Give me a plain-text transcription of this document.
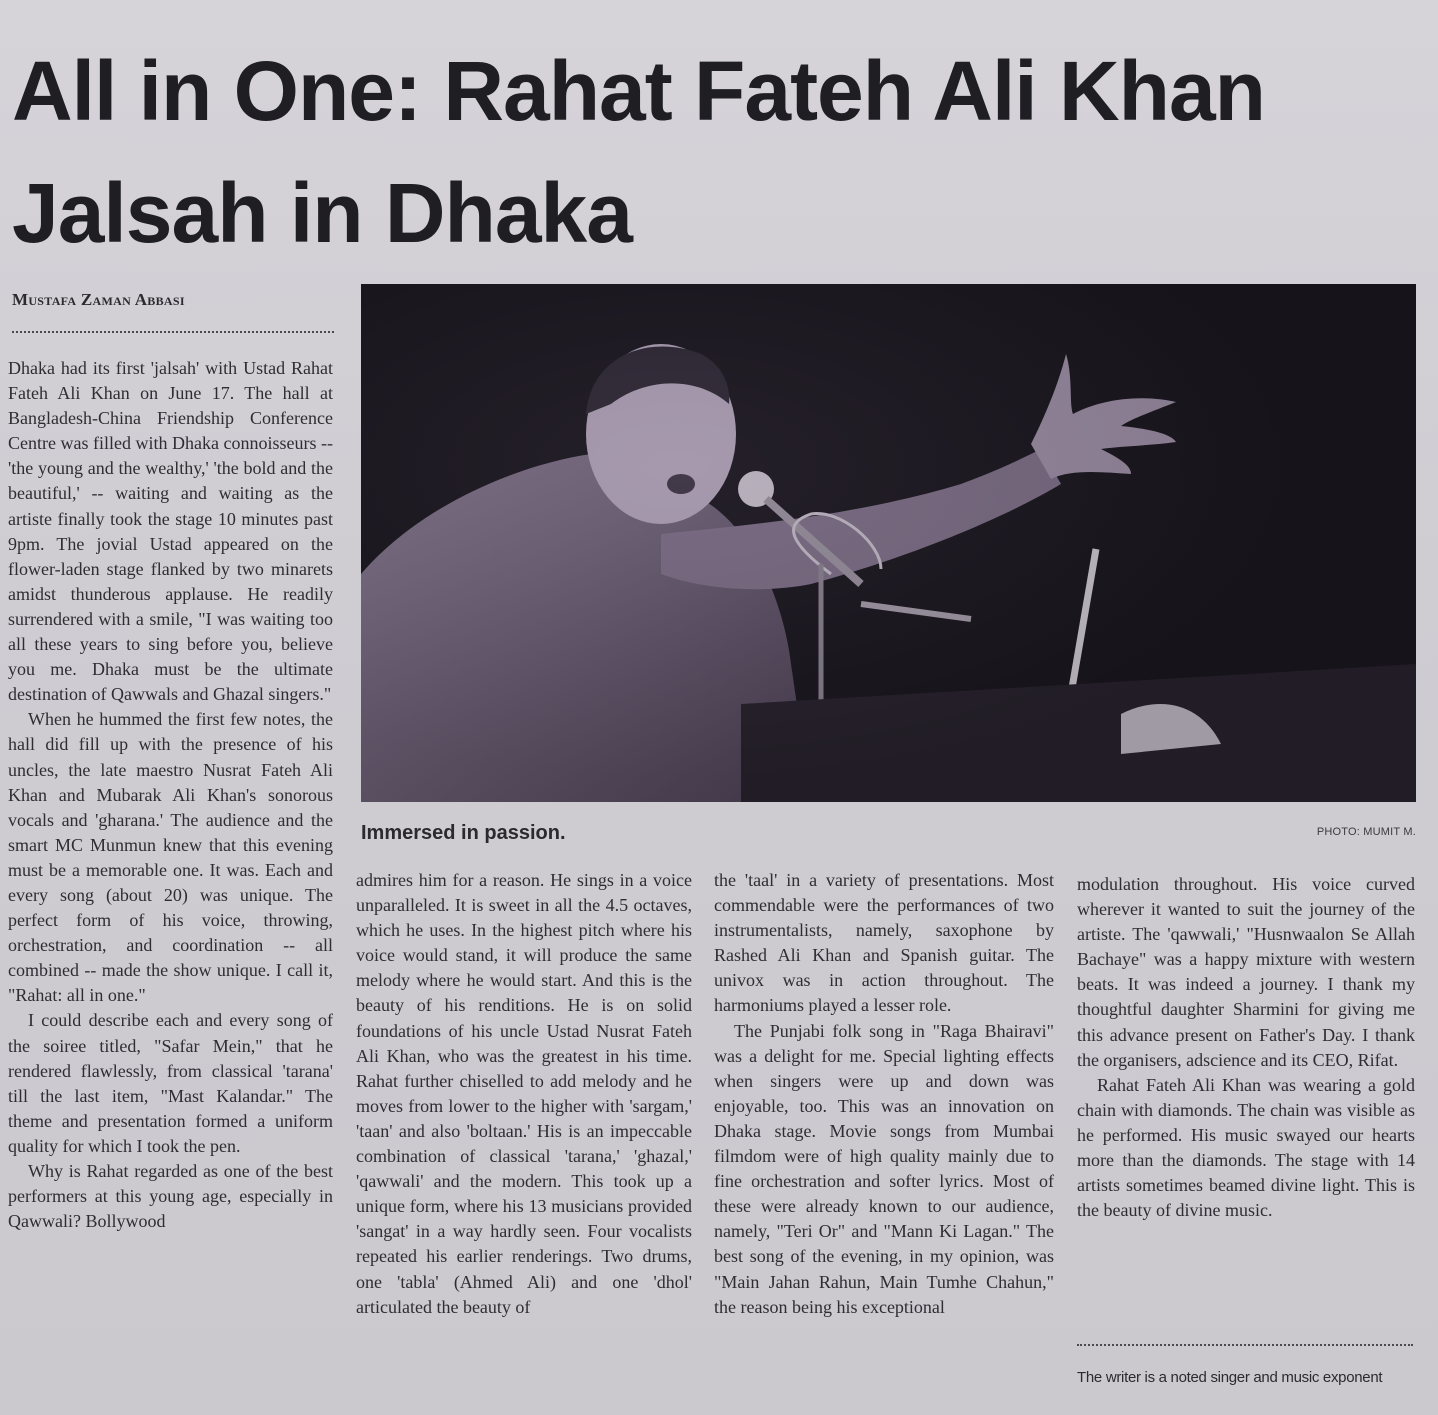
All in One: Rahat Fateh Ali Khan Jalsah in Dhaka
Mustafa Zaman Abbasi
Immersed in passion.	PHOTO: MUMIT M.

Dhaka had its first 'jalsah' with Ustad Rahat Fateh Ali Khan on June 17. The hall at Bangladesh-China Friendship Conference Centre was filled with Dhaka connoisseurs -- 'the young and the wealthy,' 'the bold and the beautiful,' -- waiting and waiting as the artiste finally took the stage 10 minutes past 9pm. The jovial Ustad appeared on the flower-laden stage flanked by two minarets amidst thunderous applause. He readily surrendered with a smile, "I was waiting too all these years to sing before you, believe you me. Dhaka must be the ultimate destination of Qawwals and Ghazal singers."

When he hummed the first few notes, the hall did fill up with the presence of his uncles, the late maestro Nusrat Fateh Ali Khan and Mubarak Ali Khan's sonorous vocals and 'gharana.' The audience and the smart MC Munmun knew that this evening must be a memorable one. It was. Each and every song (about 20) was unique. The perfect form of his voice, throwing, orchestration, and coordination -- all combined -- made the show unique. I call it, "Rahat: all in one."

I could describe each and every song of the soiree titled, "Safar Mein," that he rendered flawlessly, from classical 'tarana' till the last item, "Mast Kalandar." The theme and presentation formed a uniform quality for which I took the pen.

Why is Rahat regarded as one of the best performers at this young age, especially in Qawwali? Bollywood

admires him for a reason. He sings in a voice unparalleled. It is sweet in all the 4.5 octaves, which he uses. In the highest pitch where his voice would stand, it will produce the same melody where he would start. And this is the beauty of his renditions. He is on solid foundations of his uncle Ustad Nusrat Fateh Ali Khan, who was the greatest in his time. Rahat further chiselled to add melody and he moves from lower to the higher with 'sargam,' 'taan' and also 'boltaan.' His is an impeccable combination of classical 'tarana,' 'ghazal,' 'qawwali' and the modern. This took up a unique form, where his 13 musicians provided 'sangat' in a way hardly seen. Four vocalists repeated his earlier renderings. Two drums, one 'tabla' (Ahmed Ali) and one 'dhol' articulated the beauty of

the 'taal' in a variety of presentations. Most commendable were the performances of two instrumentalists, namely, saxophone by Rashed Ali Khan and Spanish guitar. The univox was in action throughout. The harmoniums played a lesser role.

The Punjabi folk song in "Raga Bhairavi" was a delight for me. Special lighting effects when singers were up and down was enjoyable, too. This was an innovation on Dhaka stage. Movie songs from Mumbai filmdom were of high quality mainly due to fine orchestration and softer lyrics. Most of these were already known to our audience, namely, "Teri Or" and "Mann Ki Lagan." The best song of the evening, in my opinion, was "Main Jahan Rahun, Main Tumhe Chahun," the reason being his exceptional

modulation throughout. His voice curved wherever it wanted to suit the journey of the artiste. The 'qawwali,' "Husnwaalon Se Allah Bachaye" was a happy mixture with western beats. It was indeed a journey. I thank my thoughtful daughter Sharmini for giving me this advance present on Father's Day. I thank the organisers, adscience and its CEO, Rifat.

Rahat Fateh Ali Khan was wearing a gold chain with diamonds. The chain was visible as he performed. His music swayed our hearts more than the diamonds. The stage with 14 artists sometimes beamed divine light. This is the beauty of divine music.

The writer is a noted singer and music exponent
